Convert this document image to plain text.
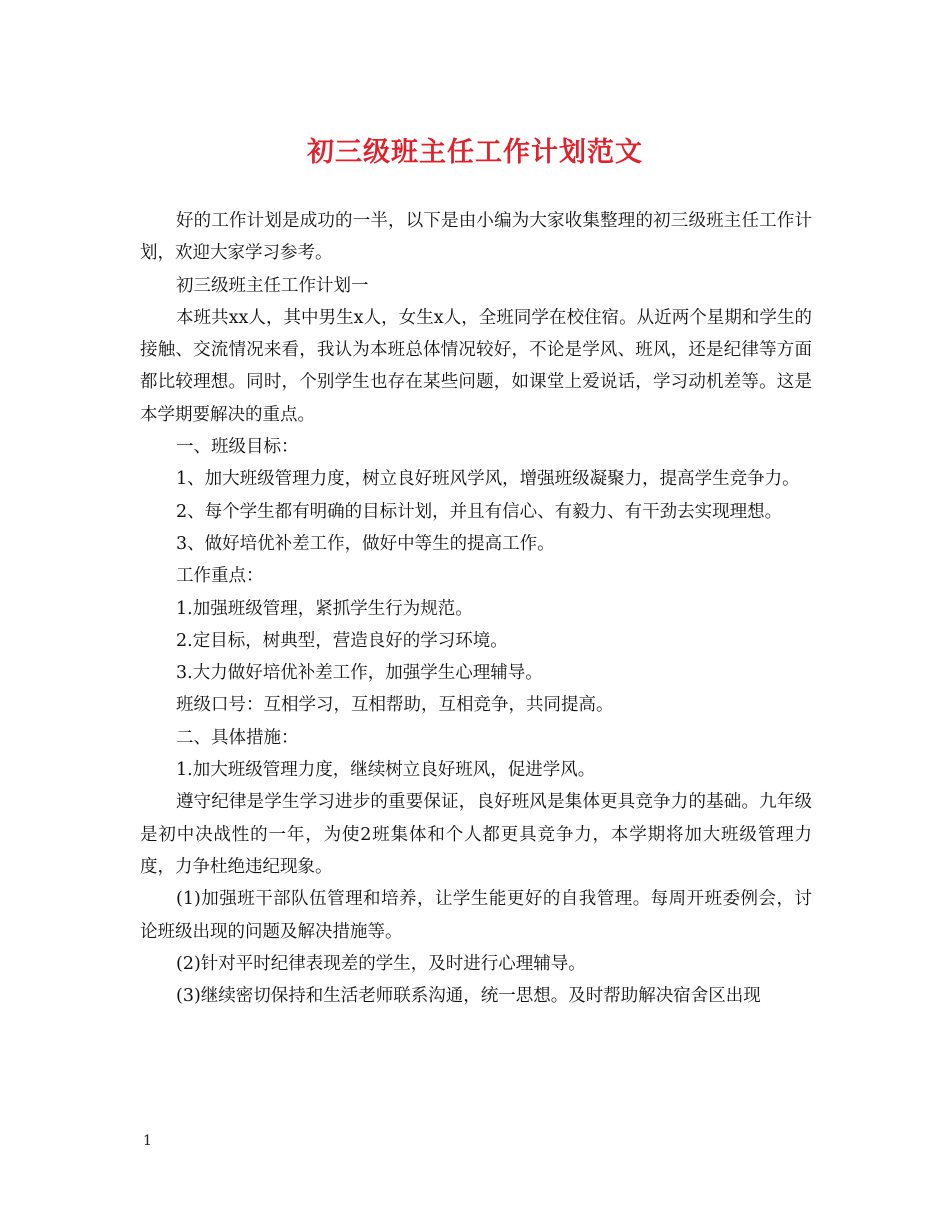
初三级班主任工作计划范文

好的工作计划是成功的一半，以下是由小编为大家收集整理的初三级班主任工作计划，欢迎大家学习参考。

初三级班主任工作计划一

本班共xx人，其中男生x人，女生x人，全班同学在校住宿。从近两个星期和学生的接触、交流情况来看，我认为本班总体情况较好，不论是学风、班风，还是纪律等方面都比较理想。同时，个别学生也存在某些问题，如课堂上爱说话，学习动机差等。这是本学期要解决的重点。

一、班级目标：

1、加大班级管理力度，树立良好班风学风，增强班级凝聚力，提高学生竞争力。

2、每个学生都有明确的目标计划，并且有信心、有毅力、有干劲去实现理想。

3、做好培优补差工作，做好中等生的提高工作。

工作重点：

1.加强班级管理，紧抓学生行为规范。

2.定目标，树典型，营造良好的学习环境。

3.大力做好培优补差工作，加强学生心理辅导。

班级口号：互相学习，互相帮助，互相竞争，共同提高。

二、具体措施：

1.加大班级管理力度，继续树立良好班风，促进学风。

遵守纪律是学生学习进步的重要保证，良好班风是集体更具竞争力的基础。九年级是初中决战性的一年，为使2班集体和个人都更具竞争力，本学期将加大班级管理力度，力争杜绝违纪现象。

(1)加强班干部队伍管理和培养，让学生能更好的自我管理。每周开班委例会，讨论班级出现的问题及解决措施等。

(2)针对平时纪律表现差的学生，及时进行心理辅导。

(3)继续密切保持和生活老师联系沟通，统一思想。及时帮助解决宿舍区出现

1
